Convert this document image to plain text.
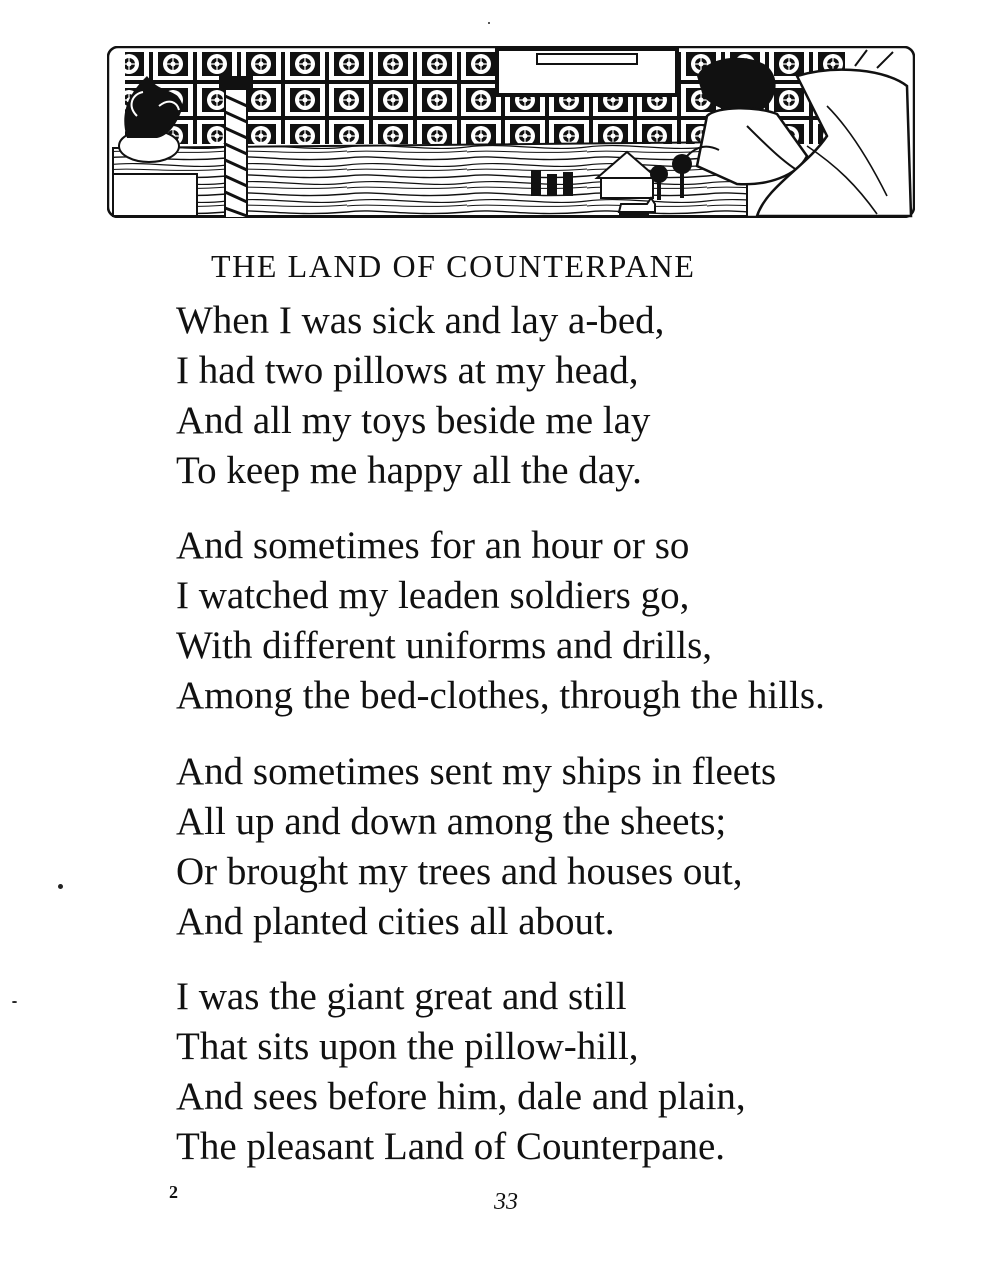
THE LAND OF COUNTERPANE
When I was sick and lay a-bed,
I had two pillows at my head,
And all my toys beside me lay
To keep me happy all the day.
And sometimes for an hour or so
I watched my leaden soldiers go,
With different uniforms and drills,
Among the bed-clothes, through the hills.
And sometimes sent my ships in fleets
All up and down among the sheets;
Or brought my trees and houses out,
And planted cities all about.
I was the giant great and still
That sits upon the pillow-hill,
And sees before him, dale and plain,
The pleasant Land of Counterpane.
2	33
